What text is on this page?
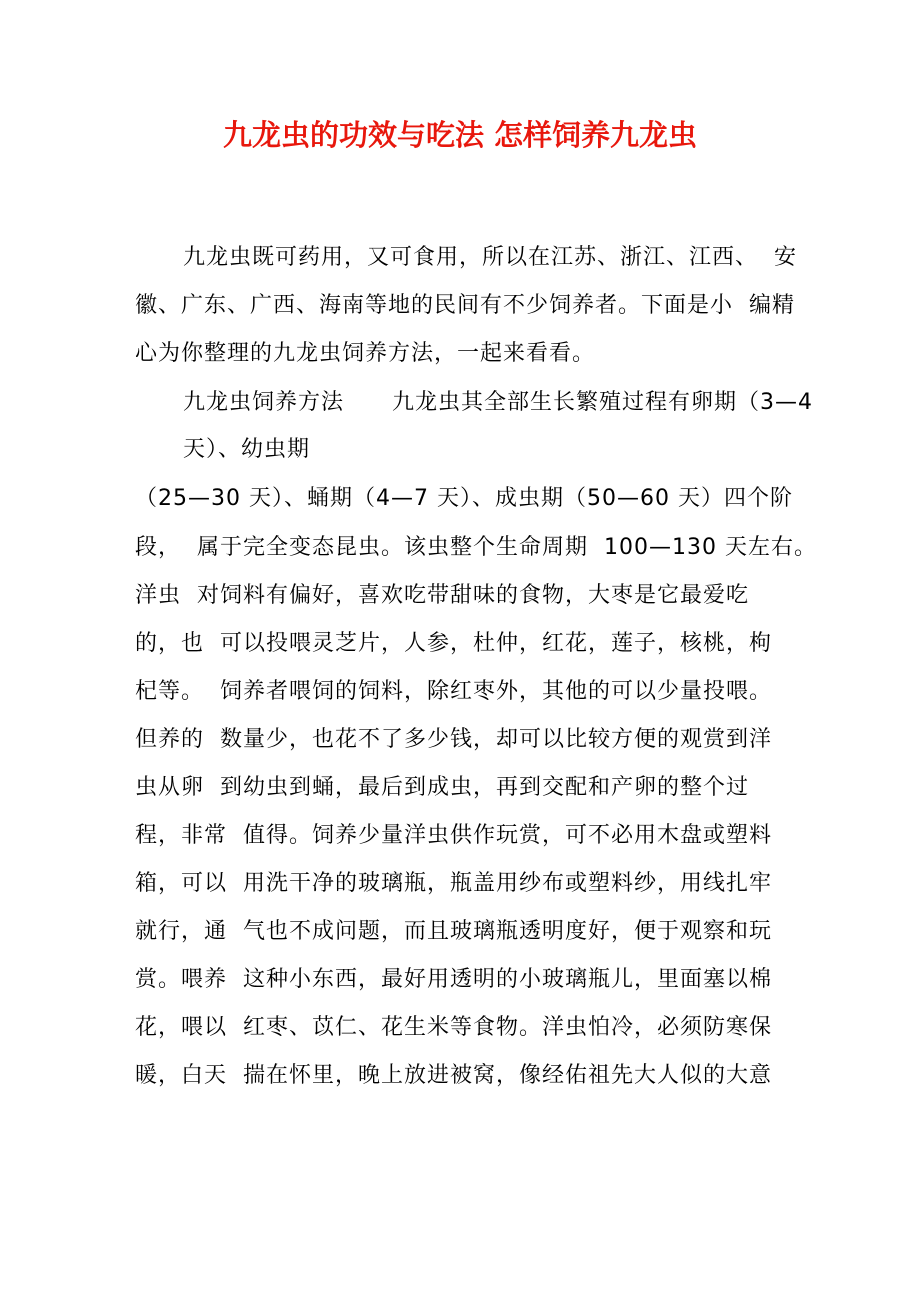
九龙虫的功效与吃法 怎样饲养九龙虫
九龙虫既可药用，又可食用，所以在江苏、浙江、江西、  安
徽、广东、广西、海南等地的民间有不少饲养者。下面是小  编精
心为你整理的九龙虫饲养方法，一起来看看。
九龙虫饲养方法      九龙虫其全部生长繁殖过程有卵期（3—4
天）、幼虫期
（25—30 天）、蛹期（4—7 天）、成虫期（50—60 天）四个阶
段，  属于完全变态昆虫。该虫整个生命周期  100—130 天左右。
洋虫  对饲料有偏好，喜欢吃带甜味的食物，大枣是它最爱吃
的，也  可以投喂灵芝片，人参，杜仲，红花，莲子，核桃，枸
杞等。  饲养者喂饲的饲料，除红枣外，其他的可以少量投喂。
但养的  数量少，也花不了多少钱，却可以比较方便的观赏到洋
虫从卵  到幼虫到蛹，最后到成虫，再到交配和产卵的整个过
程，非常  值得。饲养少量洋虫供作玩赏，可不必用木盘或塑料
箱，可以  用洗干净的玻璃瓶，瓶盖用纱布或塑料纱，用线扎牢
就行，通  气也不成问题，而且玻璃瓶透明度好，便于观察和玩
赏。喂养  这种小东西，最好用透明的小玻璃瓶儿，里面塞以棉
花，喂以  红枣、苡仁、花生米等食物。洋虫怕冷，必须防寒保
暖，白天  揣在怀里，晚上放进被窝，像经佑祖先大人似的大意
